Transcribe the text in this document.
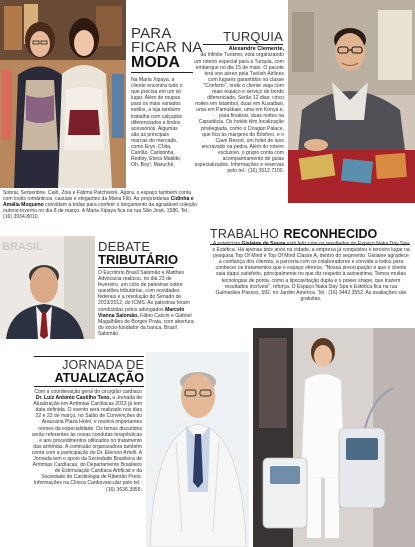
PARA
FICAR NA
MODA

Na Maria Xipaya, a cliente encontra tudo o que precisa em um só lugar. Além de roupas para os mais variados estilos, a loja também trabalha com calçados diferenciados e lindos acessórios. Algumas são as principais marcas do mercado, como Eryo, Chita, Cantão, Carlotinha, Redley, Elvira Matilde, Oh, Boy!, Maruchê,

Sobral, Serpentine, Calô, Zoia e Fátima Patchwork. Agora, o espaço também conta com looks românticos, casuais e elegantes da Maria Filó. As proprietárias Cidinha e Amália Moqueno convidam a todas para conferir o lançamento da agradável coleção outono-inverno no dia 8 de março. A Maria Xipaya fica na rua São José, 1586. Tel.: (16) 3934.8010.

TURQUIA
Alexandre Clemente,

da Infinite Turismo, está organizando um roteiro especial para a Turquia, com embarque no dia 15 de maio. O pacote terá voo aéreo pela Turkish Airlines com lugares garantidos na classe "Conforto", onde o cliente viaja com mais espaço e serviço de bordo diferenciado. Serão 12 dias: cinco noites em Istambul, duas em Kusadasi, uma em Pamukkale, uma em Konya e, para finalizar, duas noites na Capadócia. Os hotéis têm localização privilegiada, como o Ciragan Palace, que fica às margens do Bósforo, e o Cave Resort, um hotel de luxo encravado na pedra. Além do roteiro exclusivo, o grupo conta com acompanhamento de guias especializados. Informações e reservas pelo tel.: (16) 3512.7100.

BRASIL	DEBATE
TRIBUTÁRIO

O Escritório Brasil Salomão e Matthes Advocacia realizou, no dia 23 de fevereiro, um ciclo de palestras sobre questões tributárias, com novidades federais e a resolução do Senado de 2013/2012, do ICMS. As palestras foram conduzidas pelos advogados Marcelo Vianna Salomão, Fábio Calcini e Gabriel Magalhães de Borges Praia, com abertura do sócio-fundador da banca, Brasil Salomão.

TRABALHO RECONHECIDO

A esteticista Gislaine de Souza está feliz com os resultados do Espaço Naka Day Spa e Estética. Há apenas dois anos na cidade, a empresa já conquistou o terceiro lugar na pesquisa Top Of Mind e Top Of Mind Classe A, dentro do segmento. Gislaine agradece a confiança dos clientes, a parceria com os colaboradores e convida a todos para conhecer os tratamentos que o espaço oferece. "Nossa preocupação é que o cliente saia daqui satisfeito, principalmente no que diz respeito à autoestima. Temos muitas tecnologias de ponta, como a lipocavitação dupla e o power shape, que trazem resultados incríveis", reforça. O Espaço Naka Day Spa e Estética fica na rua Guimarães Passos, 592, no Jardim América. Tel.: (16) 3442.3552. As avaliações são gratuitas.

JORNADA DE
ATUALIZAÇÃO

Com a coordenação geral do cirurgião cardíaco Dr. Luiz Antonio Castilho Teno, a Jornada de Atualização em Arritmias Cardíacas 2013 já tem data definida. O evento será realizado nos dias 22 e 23 de março, no Salão de Convenções do Araucária Plaza Hotel, e reunirá importantes nomes da especialidade. Os temas discutidos serão referentes às novas condutas terapêuticas e aos procedimentos utilizados no tratamento das arritmias. A comissão organizadora também conta com a participação do Dr. Elerson Arfelli. A Jornada tem o apoio da Sociedade Brasileira de Arritmias Cardíacas, do Departamento Brasileiro de Estimulação Cardíaca Artificial e da Sociedade de Cardiologia de Ribeirão Preto. Informações na Clínica Cardiovascular pelo tel.: (16) 3636.3955.
